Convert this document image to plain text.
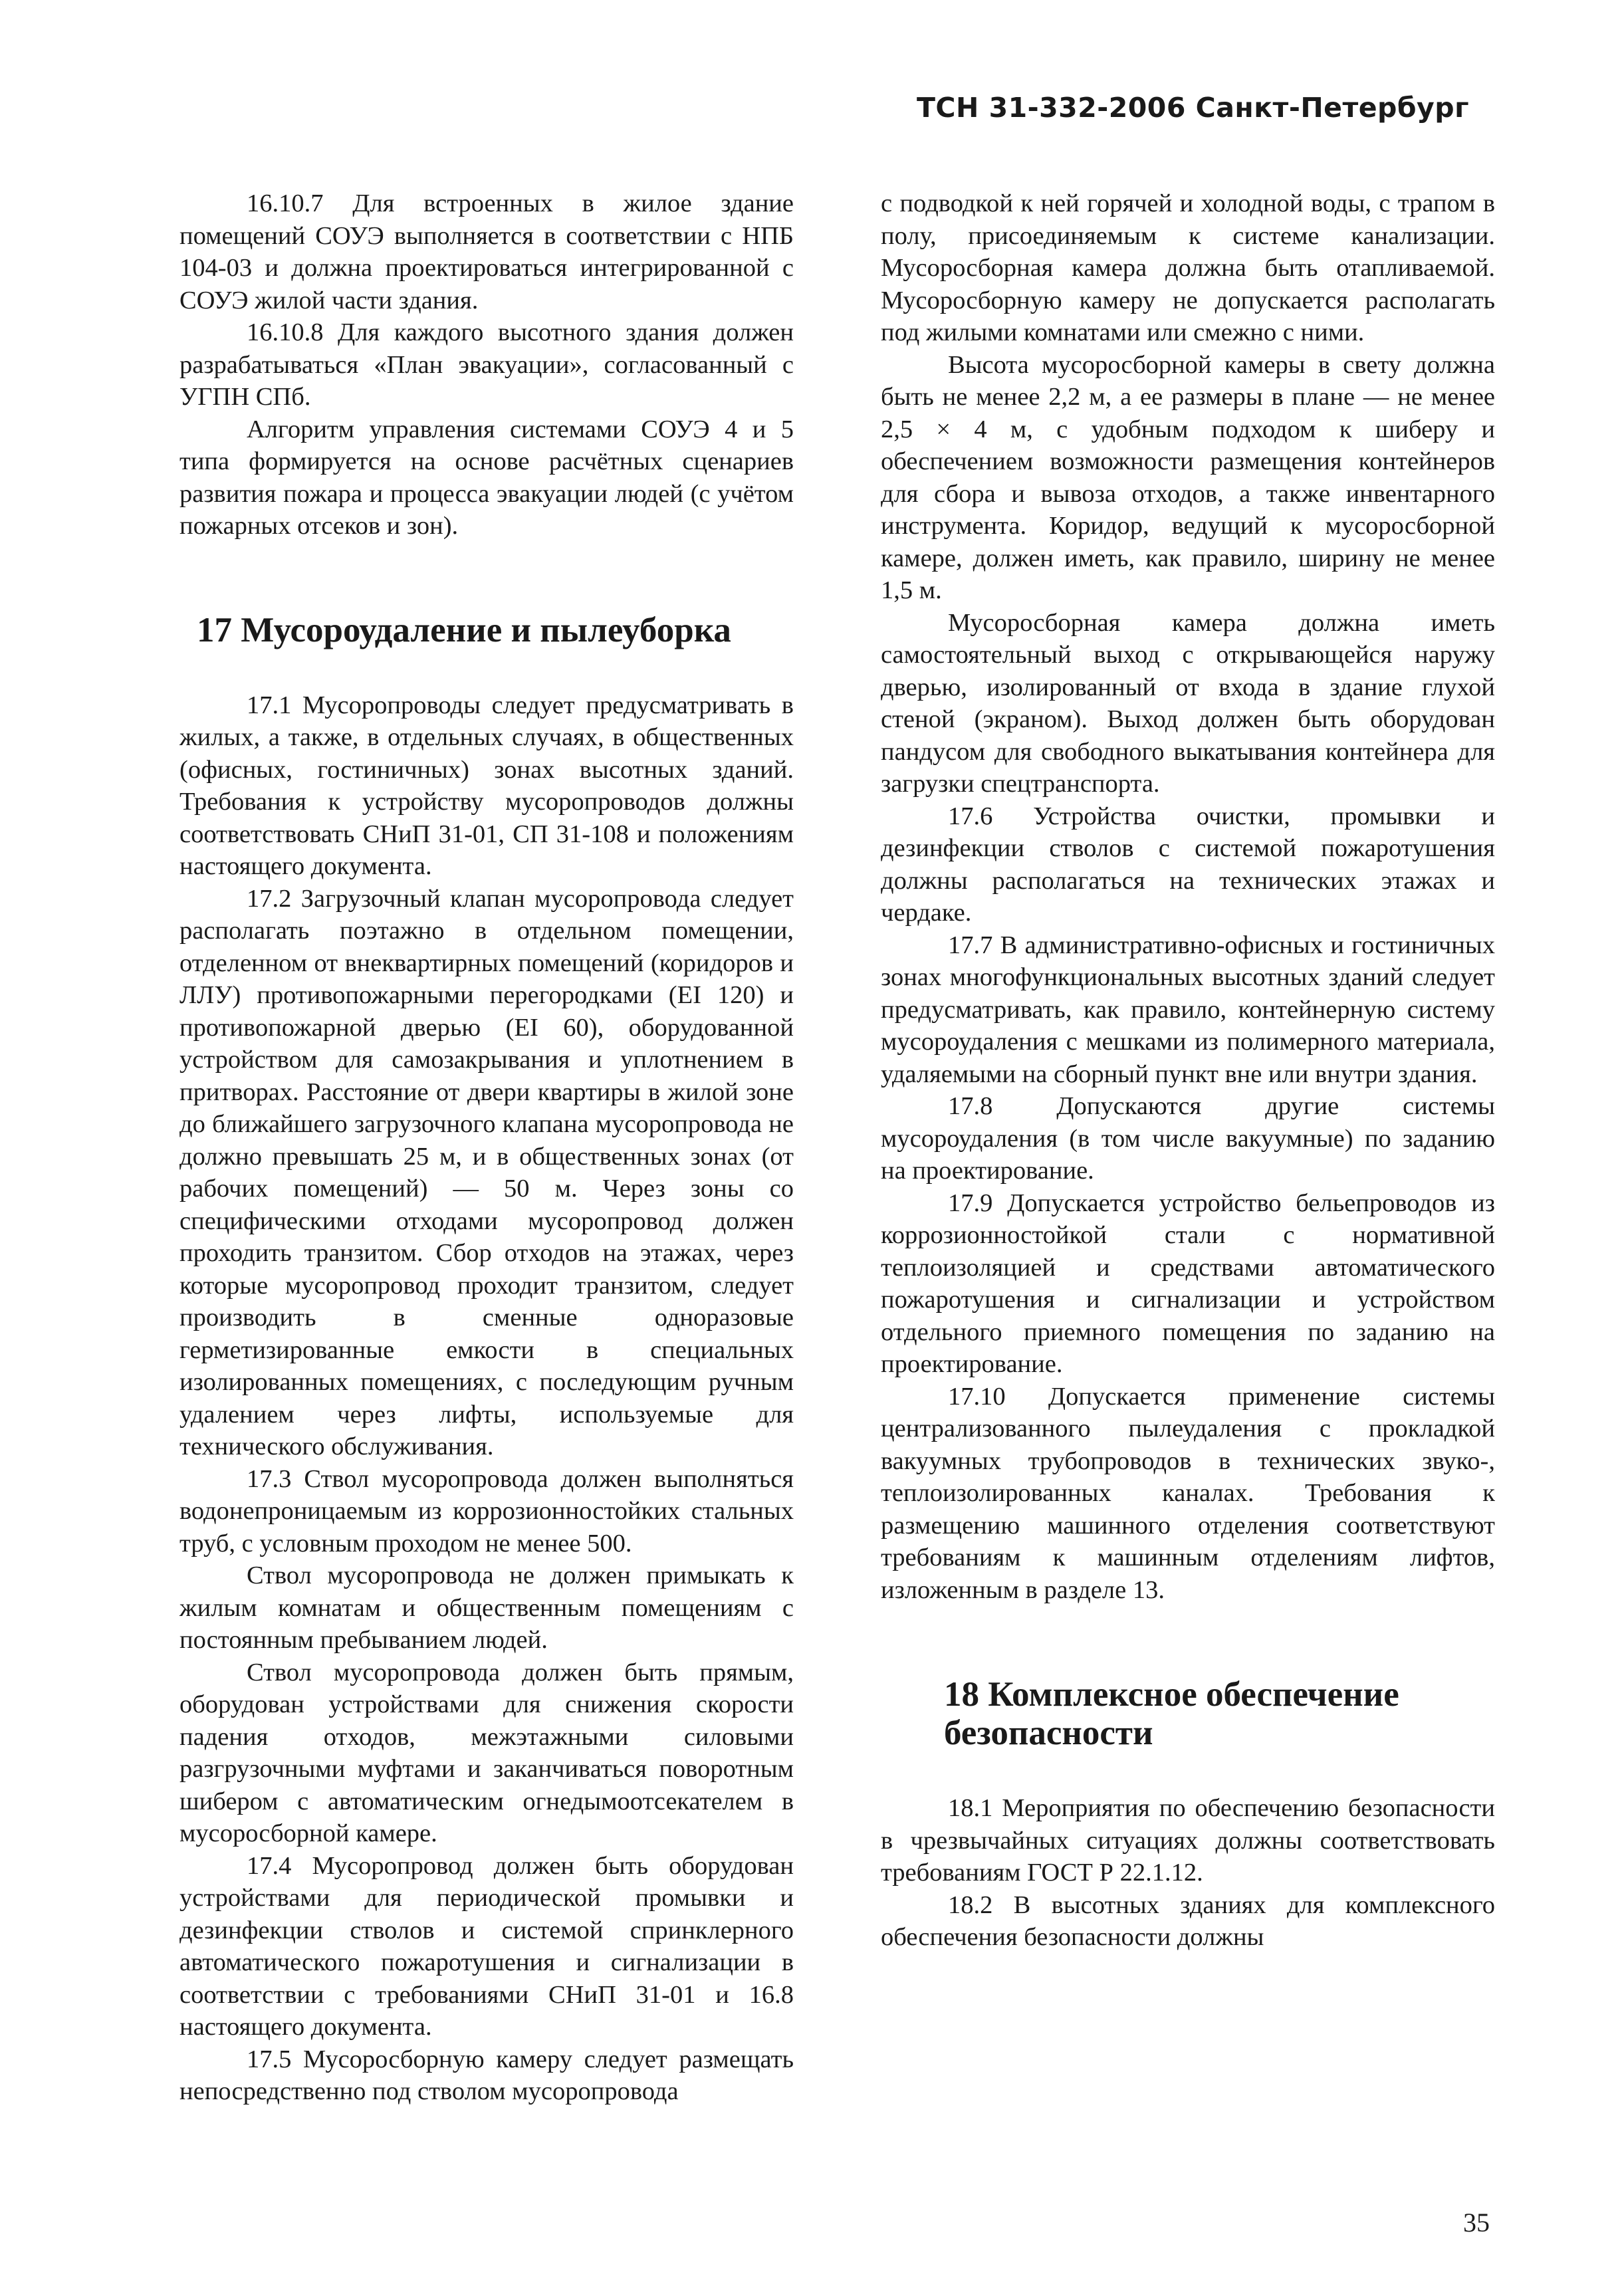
ТСН 31-332-2006 Санкт-Петербург

16.10.7 Для встроенных в жилое здание помещений СОУЭ выполняется в соответствии с НПБ 104-03 и должна проектироваться интегрированной с СОУЭ жилой части здания.

16.10.8 Для каждого высотного здания должен разрабатываться «План эвакуации», согласованный с УГПН СПб.

Алгоритм управления системами СОУЭ 4 и 5 типа формируется на основе расчётных сценариев развития пожара и процесса эвакуации людей (с учётом пожарных отсеков и зон).

17 Мусороудаление и пылеуборка

17.1 Мусоропроводы следует предусматривать в жилых, а также, в отдельных случаях, в общественных (офисных, гостиничных) зонах высотных зданий. Требования к устройству мусоропроводов должны соответствовать СНиП 31-01, СП 31-108 и положениям настоящего документа.

17.2 Загрузочный клапан мусоропровода следует располагать поэтажно в отдельном помещении, отделенном от внеквартирных помещений (коридоров и ЛЛУ) противопожарными перегородками (EI 120) и противопожарной дверью (EI 60), оборудованной устройством для самозакрывания и уплотнением в притворах. Расстояние от двери квартиры в жилой зоне до ближайшего загрузочного клапана мусоропровода не должно превышать 25 м, и в общественных зонах (от рабочих помещений) — 50 м. Через зоны со специфическими отходами мусоропровод должен проходить транзитом. Сбор отходов на этажах, через которые мусоропровод проходит транзитом, следует производить в сменные одноразовые герметизированные емкости в специальных изолированных помещениях, с последующим ручным удалением через лифты, используемые для технического обслуживания.

17.3 Ствол мусоропровода должен выполняться водонепроницаемым из коррозионностойких стальных труб, с условным проходом не менее 500.

Ствол мусоропровода не должен примыкать к жилым комнатам и общественным помещениям с постоянным пребыванием людей.

Ствол мусоропровода должен быть прямым, оборудован устройствами для снижения скорости падения отходов, межэтажными силовыми разгрузочными муфтами и заканчиваться поворотным шибером с автоматическим огнедымоотсекателем в мусоросборной камере.

17.4 Мусоропровод должен быть оборудован устройствами для периодической промывки и дезинфекции стволов и системой спринклерного автоматического пожаротушения и сигнализации в соответствии с требованиями СНиП 31-01 и 16.8 настоящего документа.

17.5 Мусоросборную камеру следует размещать непосредственно под стволом мусоропровода

с подводкой к ней горячей и холодной воды, с трапом в полу, присоединяемым к системе канализации. Мусоросборная камера должна быть отапливаемой. Мусоросборную камеру не допускается располагать под жилыми комнатами или смежно с ними.

Высота мусоросборной камеры в свету должна быть не менее 2,2 м, а ее размеры в плане — не менее 2,5 × 4 м, с удобным подходом к шиберу и обеспечением возможности размещения контейнеров для сбора и вывоза отходов, а также инвентарного инструмента. Коридор, ведущий к мусоросборной камере, должен иметь, как правило, ширину не менее 1,5 м.

Мусоросборная камера должна иметь самостоятельный выход с открывающейся наружу дверью, изолированный от входа в здание глухой стеной (экраном). Выход должен быть оборудован пандусом для свободного выкатывания контейнера для загрузки спецтранспорта.

17.6 Устройства очистки, промывки и дезинфекции стволов с системой пожаротушения должны располагаться на технических этажах и чердаке.

17.7 В административно-офисных и гостиничных зонах многофункциональных высотных зданий следует предусматривать, как правило, контейнерную систему мусороудаления с мешками из полимерного материала, удаляемыми на сборный пункт вне или внутри здания.

17.8 Допускаются другие системы мусороудаления (в том числе вакуумные) по заданию на проектирование.

17.9 Допускается устройство бельепроводов из коррозионностойкой стали с нормативной теплоизоляцией и средствами автоматического пожаротушения и сигнализации и устройством отдельного приемного помещения по заданию на проектирование.

17.10 Допускается применение системы централизованного пылеудаления с прокладкой вакуумных трубопроводов в технических звуко-, теплоизолированных каналах. Требования к размещению машинного отделения соответствуют требованиям к машинным отделениям лифтов, изложенным в разделе 13.

18 Комплексное обеспечение безопасности

18.1 Мероприятия по обеспечению безопасности в чрезвычайных ситуациях должны соответствовать требованиям ГОСТ Р 22.1.12.

18.2 В высотных зданиях для комплексного обеспечения безопасности должны

35
